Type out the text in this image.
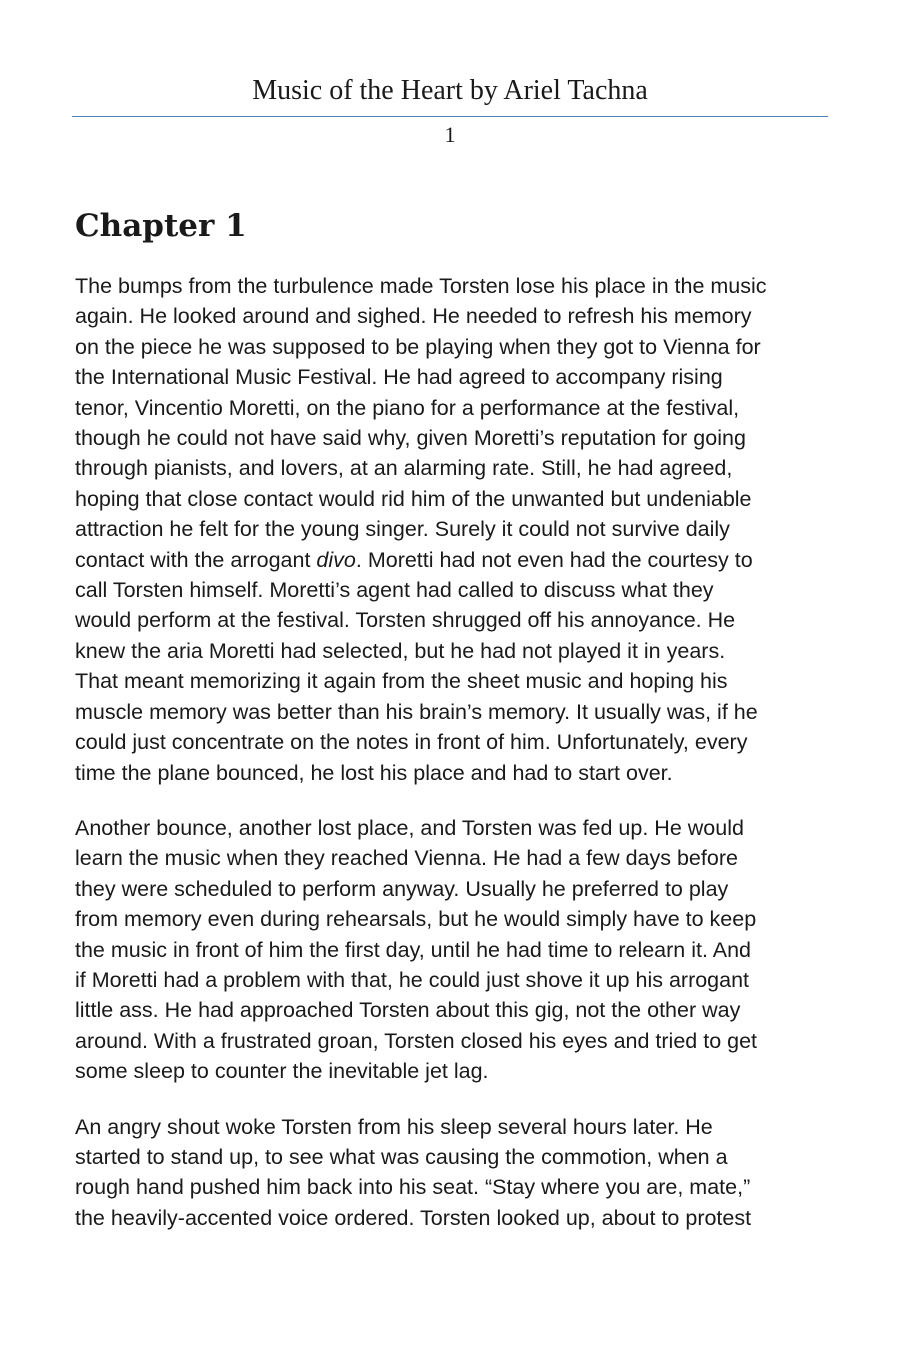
Music of the Heart by Ariel Tachna
1
Chapter 1

The bumps from the turbulence made Torsten lose his place in the music
again. He looked around and sighed. He needed to refresh his memory
on the piece he was supposed to be playing when they got to Vienna for
the International Music Festival. He had agreed to accompany rising
tenor, Vincentio Moretti, on the piano for a performance at the festival,
though he could not have said why, given Moretti’s reputation for going
through pianists, and lovers, at an alarming rate. Still, he had agreed,
hoping that close contact would rid him of the unwanted but undeniable
attraction he felt for the young singer. Surely it could not survive daily
contact with the arrogant divo. Moretti had not even had the courtesy to
call Torsten himself. Moretti’s agent had called to discuss what they
would perform at the festival. Torsten shrugged off his annoyance. He
knew the aria Moretti had selected, but he had not played it in years.
That meant memorizing it again from the sheet music and hoping his
muscle memory was better than his brain’s memory. It usually was, if he
could just concentrate on the notes in front of him. Unfortunately, every
time the plane bounced, he lost his place and had to start over.

Another bounce, another lost place, and Torsten was fed up. He would
learn the music when they reached Vienna. He had a few days before
they were scheduled to perform anyway. Usually he preferred to play
from memory even during rehearsals, but he would simply have to keep
the music in front of him the first day, until he had time to relearn it. And
if Moretti had a problem with that, he could just shove it up his arrogant
little ass. He had approached Torsten about this gig, not the other way
around. With a frustrated groan, Torsten closed his eyes and tried to get
some sleep to counter the inevitable jet lag.

An angry shout woke Torsten from his sleep several hours later. He
started to stand up, to see what was causing the commotion, when a
rough hand pushed him back into his seat. “Stay where you are, mate,”
the heavily-accented voice ordered. Torsten looked up, about to protest
